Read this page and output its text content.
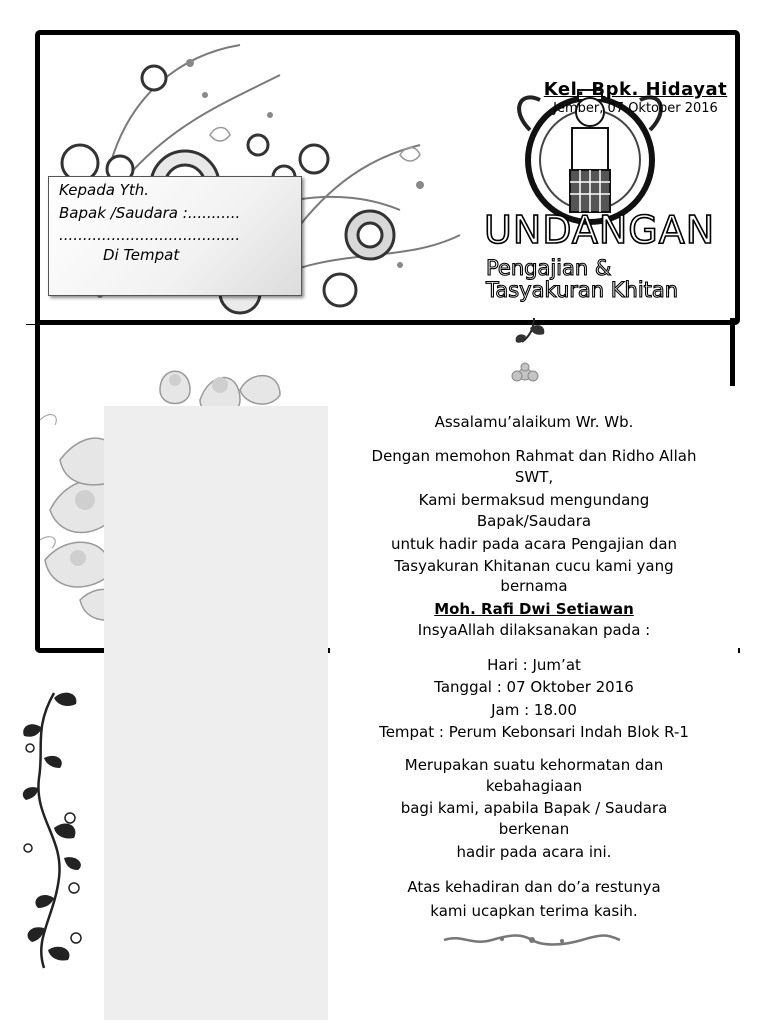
Kel. Bpk. Hidayat
Jember, 07 Oktober 2016
UNDANGAN
Pengajian &
Tasyakuran Khitan
Kepada Yth.
Bapak /Saudara :...........
......................................
Di Tempat
Assalamu’alaikum Wr. Wb.
Dengan memohon Rahmat dan Ridho Allah
SWT,
Kami bermaksud mengundang
Bapak/Saudara
untuk hadir pada acara Pengajian dan
Tasyakuran Khitanan cucu kami yang
bernama
Moh. Rafi Dwi Setiawan
InsyaAllah dilaksanakan pada :
Hari : Jum’at
Tanggal : 07 Oktober 2016
Jam : 18.00
Tempat : Perum Kebonsari Indah Blok R-1
Merupakan suatu kehormatan dan
kebahagiaan
bagi kami, apabila Bapak / Saudara
berkenan
hadir pada acara ini.
Atas kehadiran dan do’a restunya
kami ucapkan terima kasih.
